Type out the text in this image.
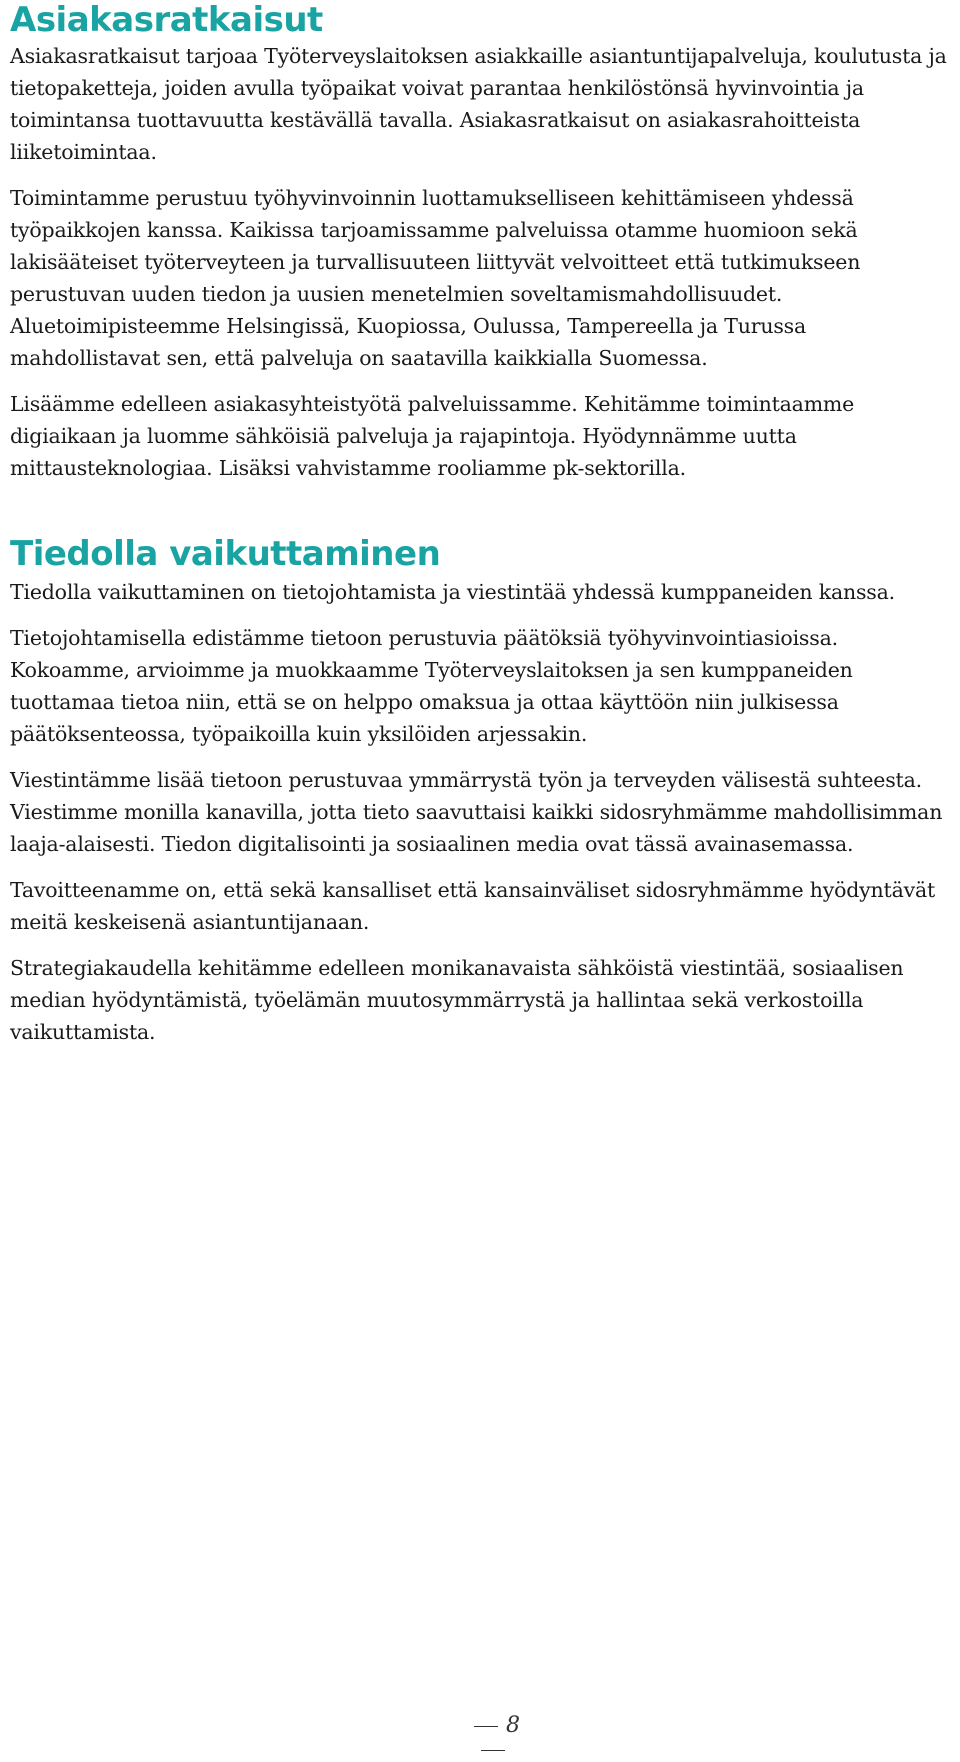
Asiakasratkaisut

Asiakasratkaisut tarjoaa Työterveyslaitoksen asiakkaille asiantuntijapalveluja, koulutusta ja tietopaketteja, joiden avulla työpaikat voivat parantaa henkilöstönsä hyvinvointia ja toimintansa tuottavuutta kestävällä tavalla. Asiakasratkaisut on asiakasrahoitteista liiketoimintaa.

Toimintamme perustuu työhyvinvoinnin luottamukselliseen kehittämiseen yhdessä työpaikkojen kanssa. Kaikissa tarjoamissamme palveluissa otamme huomioon sekä lakisääteiset työterveyteen ja turvallisuuteen liittyvät velvoitteet että tutkimukseen perustuvan uuden tiedon ja uusien menetelmien soveltamismahdollisuudet. Aluetoimipisteemme Helsingissä, Kuopiossa, Oulussa, Tampereella ja Turussa mahdollistavat sen, että palveluja on saatavilla kaikkialla Suomessa.

Lisäämme edelleen asiakasyhteistyötä palveluissamme. Kehitämme toimintaamme digiaikaan ja luomme sähköisiä palveluja ja rajapintoja. Hyödynnämme uutta mittausteknologiaa. Lisäksi vahvistamme rooliamme pk-sektorilla.

Tiedolla vaikuttaminen

Tiedolla vaikuttaminen on tietojohtamista ja viestintää yhdessä kumppaneiden kanssa.

Tietojohtamisella edistämme tietoon perustuvia päätöksiä työhyvinvointiasioissa. Kokoamme, arvioimme ja muokkaamme Työterveyslaitoksen ja sen kumppaneiden tuottamaa tietoa niin, että se on helppo omaksua ja ottaa käyttöön niin julkisessa päätöksenteossa, työpaikoilla kuin yksilöiden arjessakin.

Viestintämme lisää tietoon perustuvaa ymmärrystä työn ja terveyden välisestä suhteesta. Viestimme monilla kanavilla, jotta tieto saavuttaisi kaikki sidosryhmämme mahdollisimman laaja-alaisesti. Tiedon digitalisointi ja sosiaalinen media ovat tässä avainasemassa.

Tavoitteenamme on, että sekä kansalliset että kansainväliset sidosryhmämme hyödyntävät meitä keskeisenä asiantuntijanaan.

Strategiakaudella kehitämme edelleen monikanavaista sähköistä viestintää, sosiaalisen median hyödyntämistä, työelämän muutosymmärrystä ja hallintaa sekä verkostoilla vaikuttamista.

8
